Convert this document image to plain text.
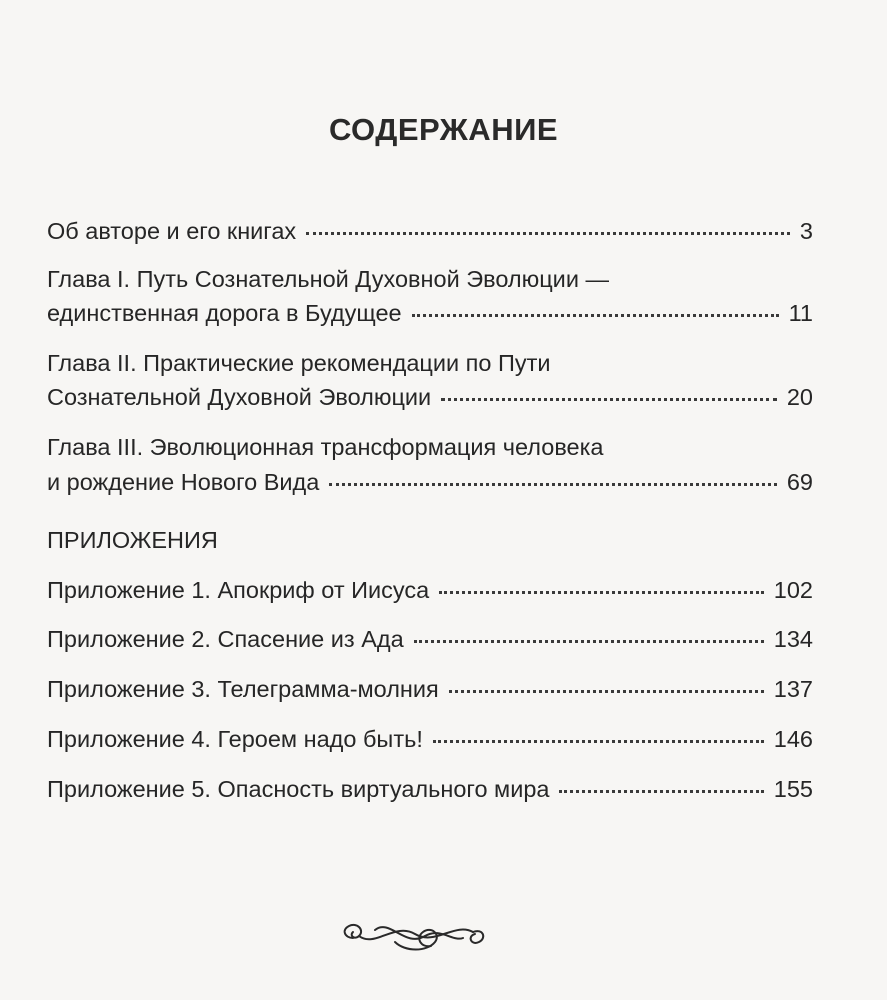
СОДЕРЖАНИЕ
Об авторе и его книгах	3
Глава I. Путь Сознательной Духовной Эволюции —
единственная дорога в Будущее	11
Глава II. Практические рекомендации по Пути
Сознательной Духовной Эволюции	20
Глава III. Эволюционная трансформация человека
и рождение Нового Вида	69
ПРИЛОЖЕНИЯ
Приложение 1. Апокриф от Иисуса	102
Приложение 2. Спасение из Ада	134
Приложение 3. Телеграмма-молния	137
Приложение 4. Героем надо быть!	146
Приложение 5. Опасность виртуального мира	155
